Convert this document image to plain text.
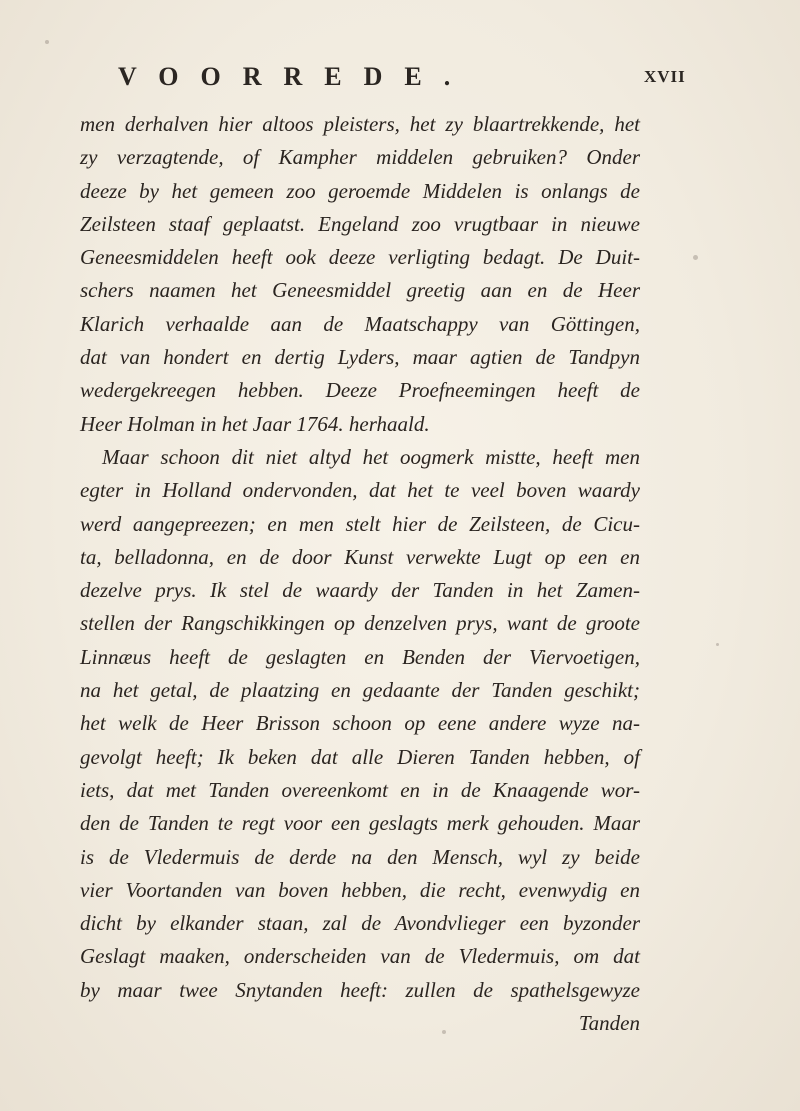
VOORREDE.	XVII
men derhalven hier altoos pleisters, het zy blaartrekkende, het
zy verzagtende, of Kampher middelen gebruiken? Onder
deeze by het gemeen zoo geroemde Middelen is onlangs de
Zeilsteen staaf geplaatst. Engeland zoo vrugtbaar in nieuwe
Geneesmiddelen heeft ook deeze verligting bedagt. De Duit-
schers naamen het Geneesmiddel greetig aan en de Heer
Klarich verhaalde aan de Maatschappy van Göttingen,
dat van hondert en dertig Lyders, maar agtien de Tandpyn
wedergekreegen hebben. Deeze Proefneemingen heeft de
Heer Holman in het Jaar 1764. herhaald.
Maar schoon dit niet altyd het oogmerk mistte, heeft men
egter in Holland ondervonden, dat het te veel boven waardy
werd aangepreezen; en men stelt hier de Zeilsteen, de Cicu-
ta, belladonna, en de door Kunst verwekte Lugt op een en
dezelve prys. Ik stel de waardy der Tanden in het Zamen-
stellen der Rangschikkingen op denzelven prys, want de groote
Linnæus heeft de geslagten en Benden der Viervoetigen,
na het getal, de plaatzing en gedaante der Tanden geschikt;
het welk de Heer Brisson schoon op eene andere wyze na-
gevolgt heeft; Ik beken dat alle Dieren Tanden hebben, of
iets, dat met Tanden overeenkomt en in de Knaagende wor-
den de Tanden te regt voor een geslagts merk gehouden. Maar
is de Vledermuis de derde na den Mensch, wyl zy beide
vier Voortanden van boven hebben, die recht, evenwydig en
dicht by elkander staan, zal de Avondvlieger een byzonder
Geslagt maaken, onderscheiden van de Vledermuis, om dat
by maar twee Snytanden heeft: zullen de spathelsgewyze
Tanden
